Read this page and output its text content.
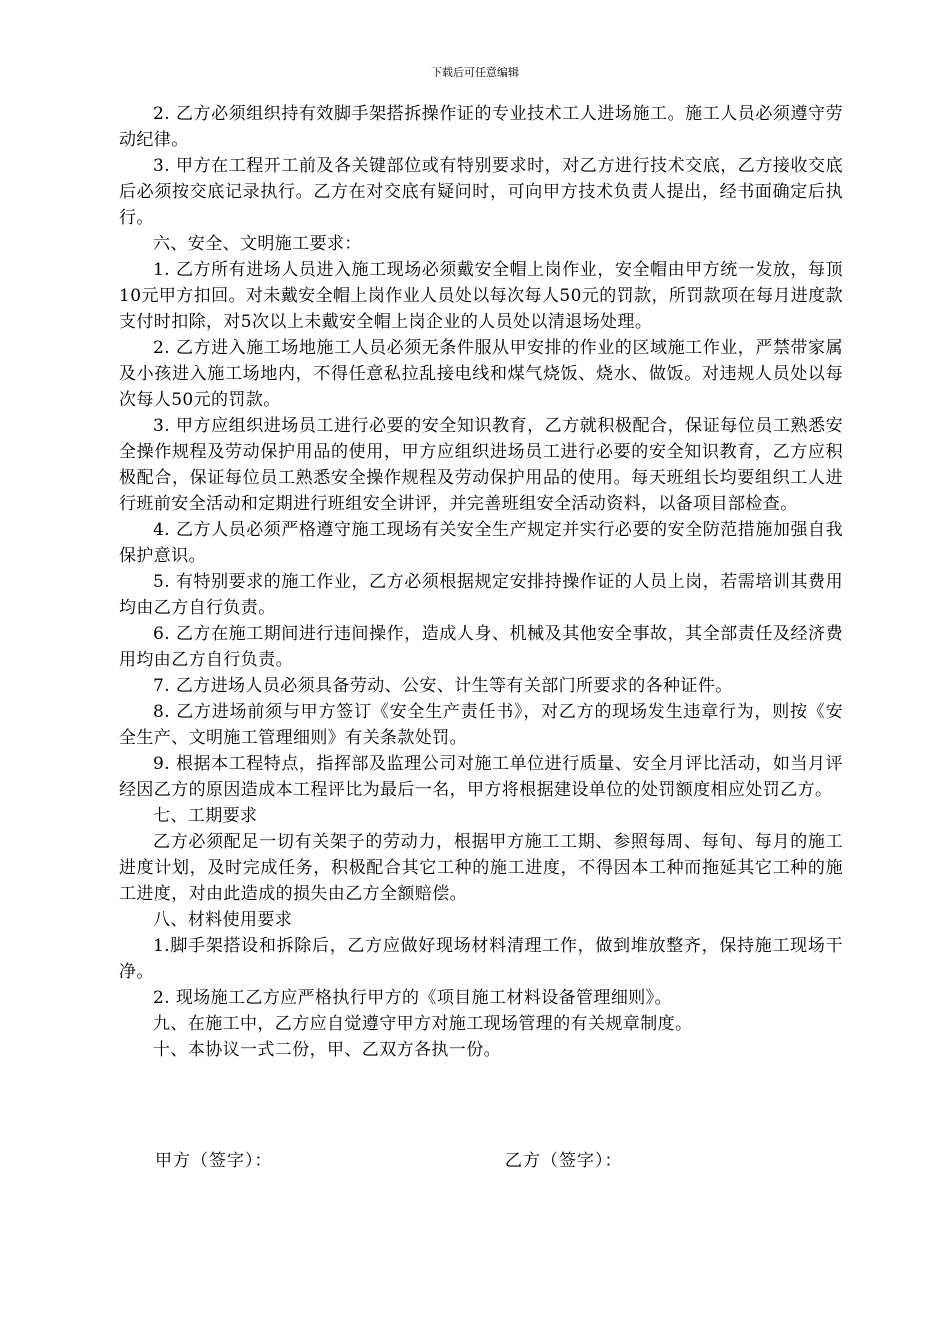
下载后可任意编辑

2. 乙方必须组织持有效脚手架搭拆操作证的专业技术工人进场施工。施工人员必须遵守劳动纪律。

3. 甲方在工程开工前及各关键部位或有特别要求时，对乙方进行技术交底，乙方接收交底后必须按交底记录执行。乙方在对交底有疑问时，可向甲方技术负责人提出，经书面确定后执行。

六、安全、文明施工要求：

1. 乙方所有进场人员进入施工现场必须戴安全帽上岗作业，安全帽由甲方统一发放，每顶10元甲方扣回。对未戴安全帽上岗作业人员处以每次每人50元的罚款，所罚款项在每月进度款支付时扣除，对5次以上未戴安全帽上岗企业的人员处以清退场处理。

2. 乙方进入施工场地施工人员必须无条件服从甲安排的作业的区域施工作业，严禁带家属及小孩进入施工场地内，不得任意私拉乱接电线和煤气烧饭、烧水、做饭。对违规人员处以每次每人50元的罚款。

3. 甲方应组织进场员工进行必要的安全知识教育，乙方就积极配合，保证每位员工熟悉安全操作规程及劳动保护用品的使用，甲方应组织进场员工进行必要的安全知识教育，乙方应积极配合，保证每位员工熟悉安全操作规程及劳动保护用品的使用。每天班组长均要组织工人进行班前安全活动和定期进行班组安全讲评，并完善班组安全活动资料，以备项目部检查。

4. 乙方人员必须严格遵守施工现场有关安全生产规定并实行必要的安全防范措施加强自我保护意识。

5. 有特别要求的施工作业，乙方必须根据规定安排持操作证的人员上岗，若需培训其费用均由乙方自行负责。

6. 乙方在施工期间进行违间操作，造成人身、机械及其他安全事故，其全部责任及经济费用均由乙方自行负责。

7. 乙方进场人员必须具备劳动、公安、计生等有关部门所要求的各种证件。

8. 乙方进场前须与甲方签订《安全生产责任书》，对乙方的现场发生违章行为，则按《安全生产、文明施工管理细则》有关条款处罚。

9. 根据本工程特点，指挥部及监理公司对施工单位进行质量、安全月评比活动，如当月评经因乙方的原因造成本工程评比为最后一名，甲方将根据建设单位的处罚额度相应处罚乙方。

七、工期要求

乙方必须配足一切有关架子的劳动力，根据甲方施工工期、参照每周、每旬、每月的施工进度计划，及时完成任务，积极配合其它工种的施工进度，不得因本工种而拖延其它工种的施工进度，对由此造成的损失由乙方全额赔偿。

八、材料使用要求

1.脚手架搭设和拆除后，乙方应做好现场材料清理工作，做到堆放整齐，保持施工现场干净。

2. 现场施工乙方应严格执行甲方的《项目施工材料设备管理细则》。

九、在施工中，乙方应自觉遵守甲方对施工现场管理的有关规章制度。

十、本协议一式二份，甲、乙双方各执一份。

甲方（签字）：	乙方（签字）：
